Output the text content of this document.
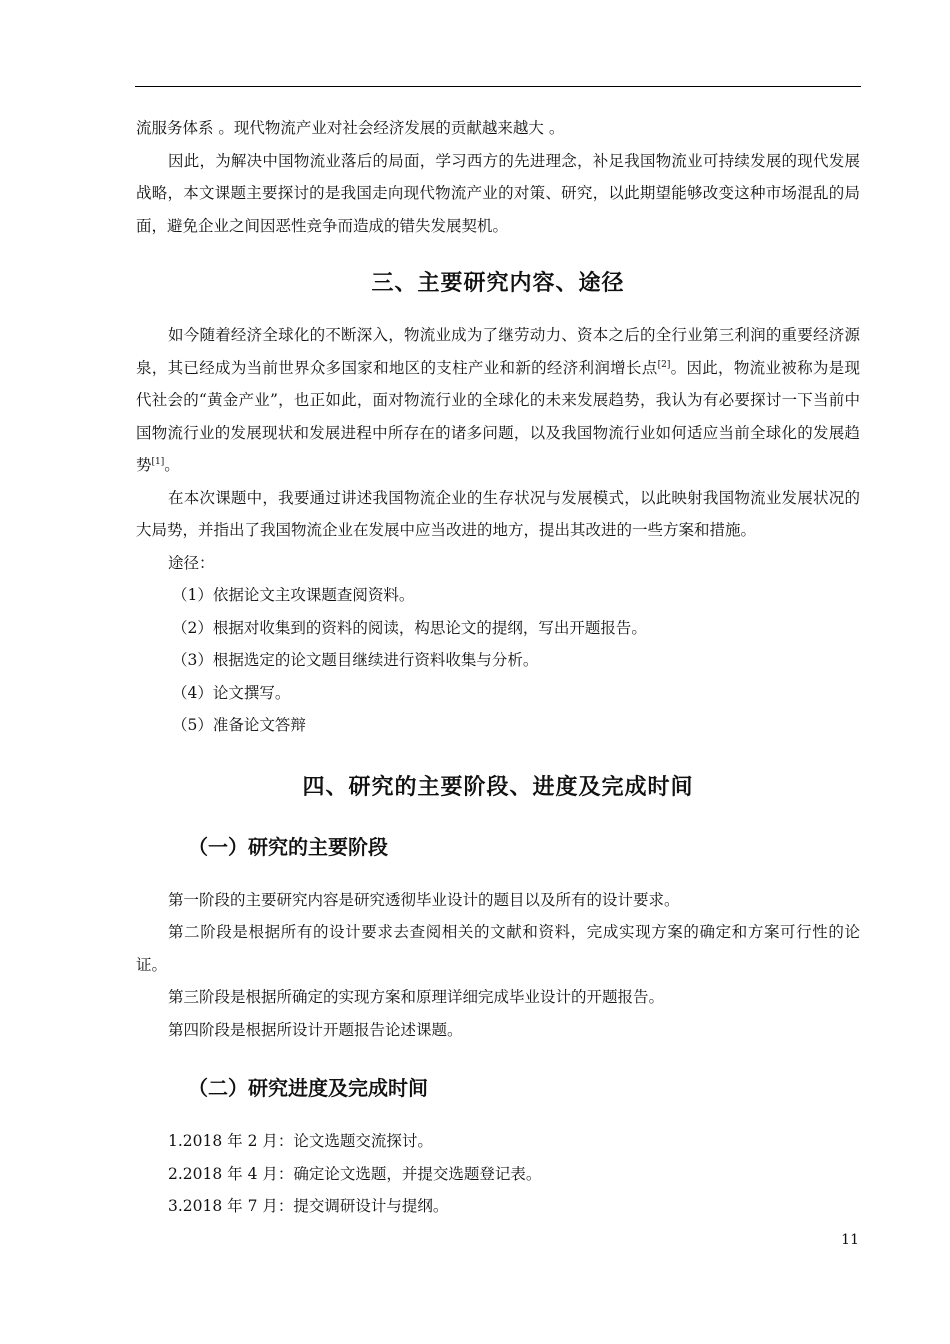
流服务体系 。现代物流产业对社会经济发展的贡献越来越大 。

因此，为解决中国物流业落后的局面，学习西方的先进理念，补足我国物流业可持续发展的现代发展战略，本文课题主要探讨的是我国走向现代物流产业的对策、研究，以此期望能够改变这种市场混乱的局面，避免企业之间因恶性竞争而造成的错失发展契机。

三、主要研究内容、途径

如今随着经济全球化的不断深入，物流业成为了继劳动力、资本之后的全行业第三利润的重要经济源泉，其已经成为当前世界众多国家和地区的支柱产业和新的经济利润增长点[2]。因此，物流业被称为是现代社会的“黄金产业”，也正如此，面对物流行业的全球化的未来发展趋势，我认为有必要探讨一下当前中国物流行业的发展现状和发展进程中所存在的诸多问题，以及我国物流行业如何适应当前全球化的发展趋势[1]。

在本次课题中，我要通过讲述我国物流企业的生存状况与发展模式，以此映射我国物流业发展状况的大局势，并指出了我国物流企业在发展中应当改进的地方，提出其改进的一些方案和措施。

途径：

（1）依据论文主攻课题查阅资料。

（2）根据对收集到的资料的阅读，构思论文的提纲，写出开题报告。

（3）根据选定的论文题目继续进行资料收集与分析。

（4）论文撰写。

（5）准备论文答辩

四、研究的主要阶段、进度及完成时间
（一）研究的主要阶段

第一阶段的主要研究内容是研究透彻毕业设计的题目以及所有的设计要求。

第二阶段是根据所有的设计要求去查阅相关的文献和资料，完成实现方案的确定和方案可行性的论证。

第三阶段是根据所确定的实现方案和原理详细完成毕业设计的开题报告。

第四阶段是根据所设计开题报告论述课题。

（二）研究进度及完成时间

1.2018 年 2 月：论文选题交流探讨。

2.2018 年 4 月：确定论文选题，并提交选题登记表。

3.2018 年 7 月：提交调研设计与提纲。

11
